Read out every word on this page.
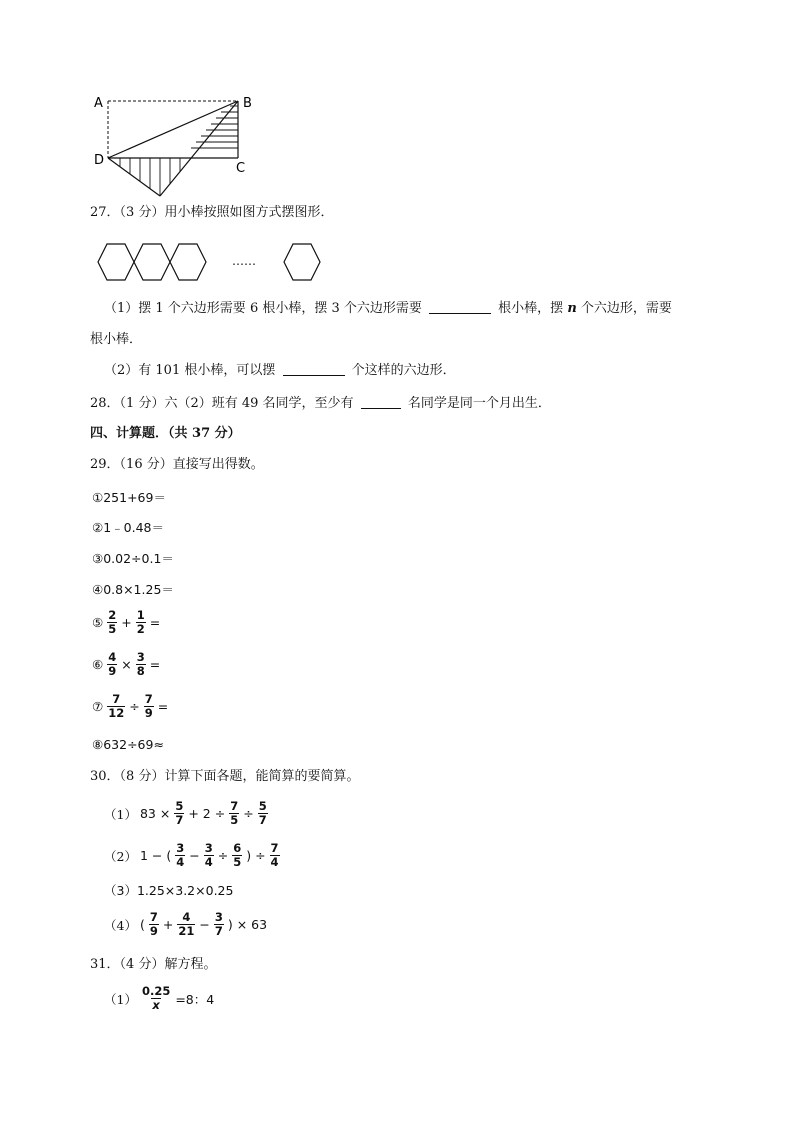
A	B
D
C
27．（3 分）用小棒按照如图方式摆图形．
……
（1）摆 1 个六边形需要 6 根小棒，摆 3 个六边形需要	根小棒，摆 n 个六边形，需要
根小棒．
（2）有 101 根小棒，可以摆	个这样的六边形．
28．（1 分）六（2）班有 49 名同学，至少有	名同学是同一个月出生．
四、计算题．（共 37 分）
29．（16 分）直接写出得数。
①251+69＝
②1﹣0.48＝
③0.02÷0.1＝
④0.8×1.25＝
⑤ $\frac{2}{5} + \frac{1}{2}$ =
⑥ $\frac{4}{9} \times \frac{3}{8}$ =
⑦ $\frac{7}{12} \div \frac{7}{9}$ =
⑧632÷69≈
30．（8 分）计算下面各题，能简算的要简算。
（1） $83 \times \frac{5}{7} + 2 \div \frac{7}{5} \div \frac{5}{7}$
（2） 1 − ( $\frac{3}{4} - \frac{3}{4} \div \frac{6}{5}$ ) ÷ $\frac{7}{4}$
（3）1.25×3.2×0.25
（4） ( $\frac{7}{9} + \frac{4}{21} - \frac{3}{7}$ ) × 63
31．（4 分）解方程。
$(1) \frac{0.25}{x} =8$：4
